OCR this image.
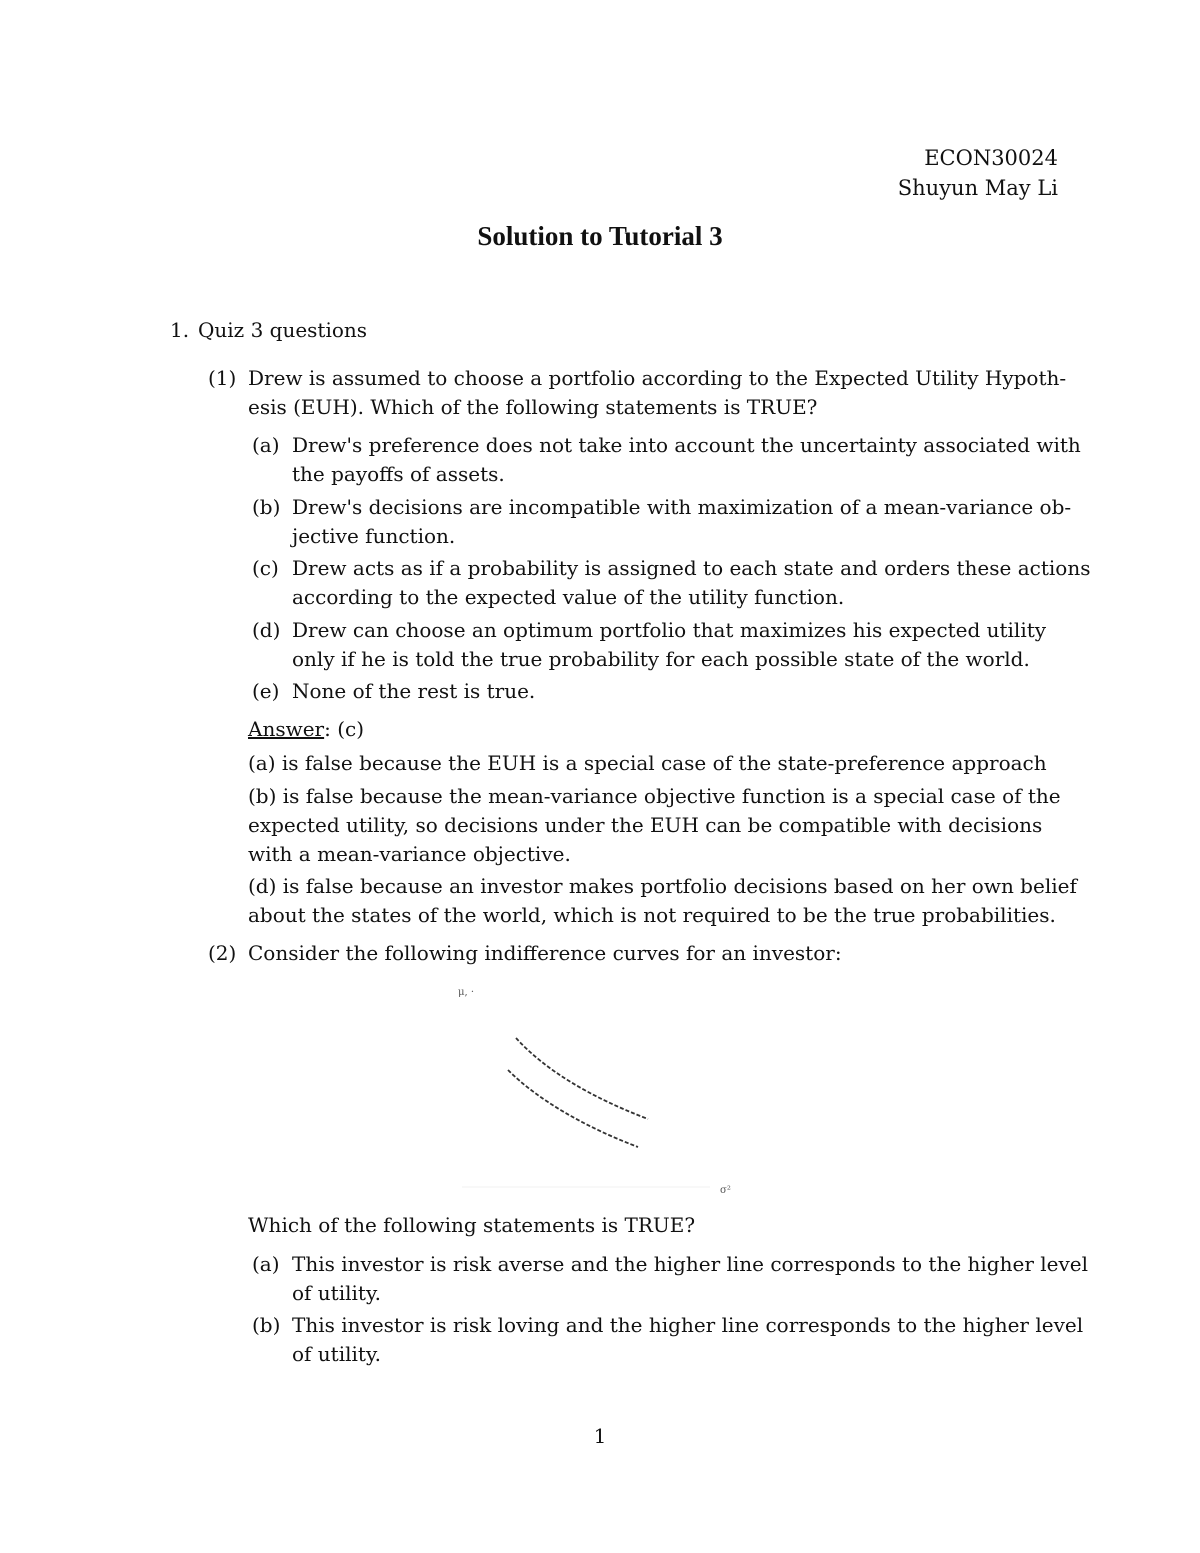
ECON30024
Shuyun May Li
Solution to Tutorial 3
1. Quiz 3 questions
(1) Drew is assumed to choose a portfolio according to the Expected Utility Hypoth-
esis (EUH). Which of the following statements is TRUE?
(a) Drew's preference does not take into account the uncertainty associated with
the payoffs of assets.
(b) Drew's decisions are incompatible with maximization of a mean-variance ob-
jective function.
(c) Drew acts as if a probability is assigned to each state and orders these actions
according to the expected value of the utility function.
(d) Drew can choose an optimum portfolio that maximizes his expected utility
only if he is told the true probability for each possible state of the world.
(e) None of the rest is true.
Answer: (c)
(a) is false because the EUH is a special case of the state-preference approach
(b) is false because the mean-variance objective function is a special case of the
expected utility, so decisions under the EUH can be compatible with decisions
with a mean-variance objective.
(d) is false because an investor makes portfolio decisions based on her own belief
about the states of the world, which is not required to be the true probabilities.
(2) Consider the following indifference curves for an investor:
μ, ·
σ²
Which of the following statements is TRUE?
(a) This investor is risk averse and the higher line corresponds to the higher level
of utility.
(b) This investor is risk loving and the higher line corresponds to the higher level
of utility.
1
